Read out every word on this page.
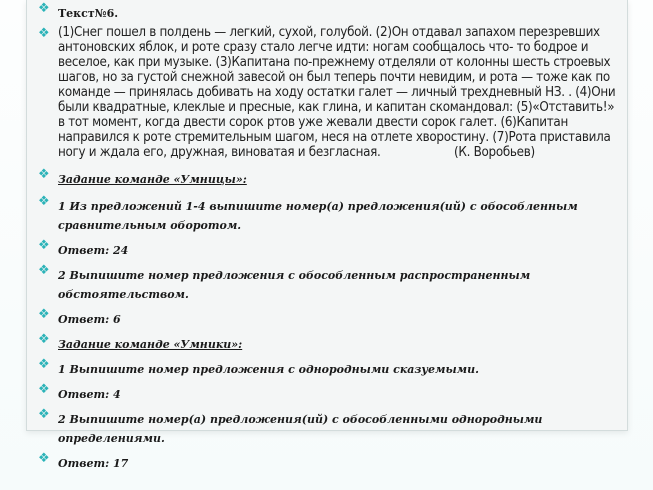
❖ Текст№6.
❖ (1)Снег пошел в полдень — легкий, сухой, голубой. (2)Он отдавал запахом перезревших антоновских яблок, и роте сразу стало легче идти: ногам сообщалось что- то бодрое и веселое, как при музыке. (3)Капитана по-прежнему отделяли от колонны шесть строевых шагов, но за густой снежной завесой он был теперь почти невидим, и рота — тоже как по команде — принялась добивать на ходу остатки галет — личный трехдневный НЗ. . (4)Они были квадратные, клеклые и пресные, как глина, и капитан скомандовал: (5)«Отставить!» в тот момент, когда двести сорок ртов уже жевали двести сорок галет. (6)Капитан направился к роте стремительным шагом, неся на отлете хворостину. (7)Рота приставила ногу и ждала его, дружная, виноватая и безгласная.	(К. Воробьев)
❖ Задание команде «Умницы»:
❖ 1 Из предложений 1-4 выпишите номер(а) предложения(ий) с обособленным сравнительным оборотом.
❖ Ответ: 24
❖ 2 Выпишите номер предложения с обособленным распространенным обстоятельством.
❖ Ответ: 6
❖ Задание команде «Умники»:
❖ 1 Выпишите номер предложения с однородными сказуемыми.
❖ Ответ: 4
❖ 2 Выпишите номер(а) предложения(ий) с обособленными однородными определениями.
❖ Ответ: 17
